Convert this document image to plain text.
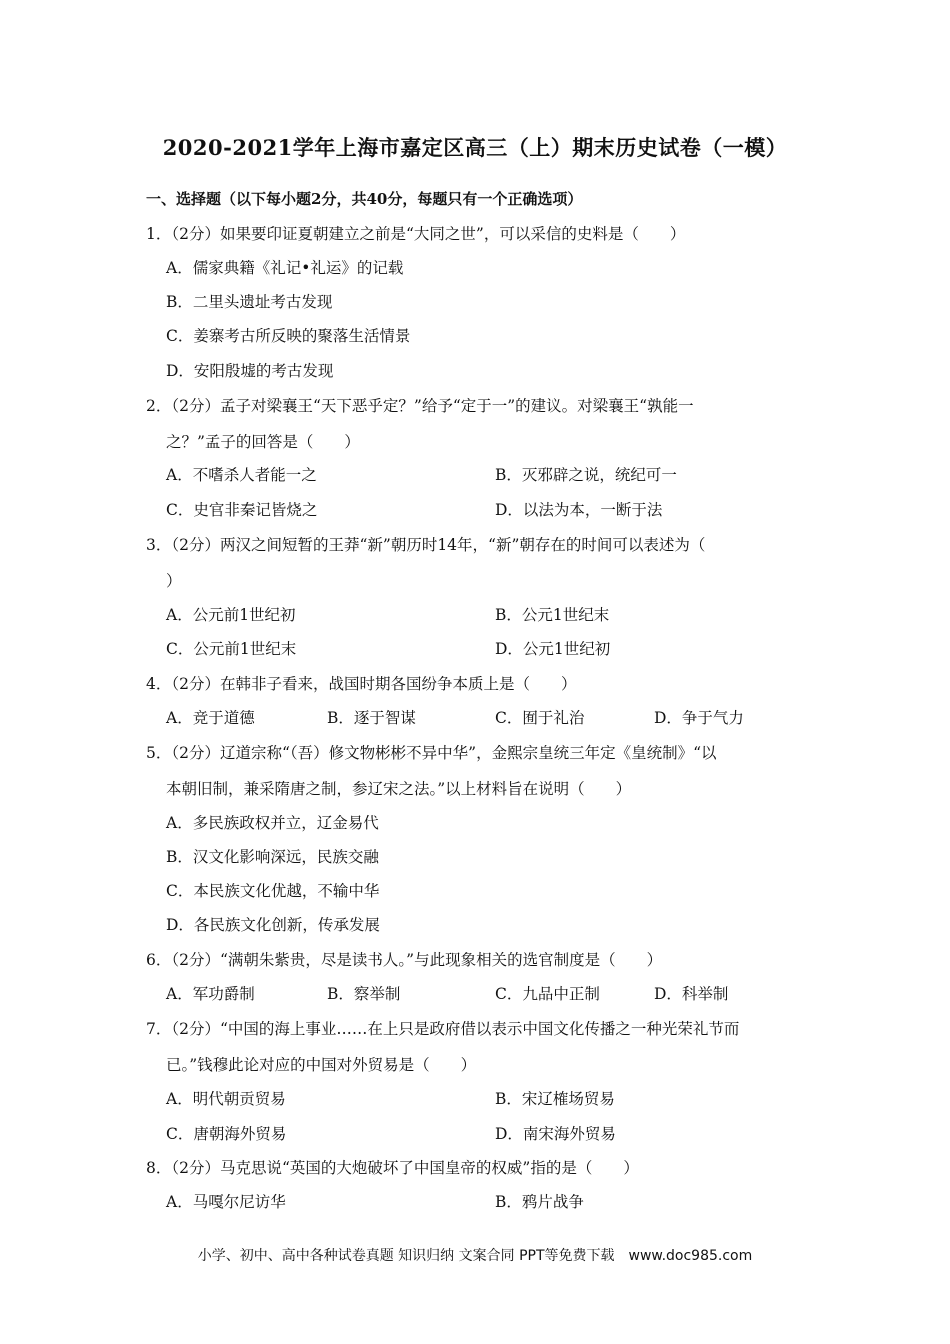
2020-2021学年上海市嘉定区高三（上）期末历史试卷（一模）
一、选择题（以下每小题2分，共40分，每题只有一个正确选项）
1．（2分）如果要印证夏朝建立之前是“大同之世”，可以采信的史料是（　　）
A．儒家典籍《礼记•礼运》的记载
B．二里头遗址考古发现
C．姜寨考古所反映的聚落生活情景
D．安阳殷墟的考古发现
2．（2分）孟子对梁襄王“天下恶乎定？”给予“定于一”的建议。对梁襄王“孰能一
之？”孟子的回答是（　　）
A．不嗜杀人者能一之	B．灭邪辟之说，统纪可一
C．史官非秦记皆烧之	D．以法为本，一断于法
3．（2分）两汉之间短暂的王莽“新”朝历时14年，“新”朝存在的时间可以表述为（
）
A．公元前1世纪初	B．公元1世纪末
C．公元前1世纪末	D．公元1世纪初
4．（2分）在韩非子看来，战国时期各国纷争本质上是（　　）
A．竞于道德	B．逐于智谋	C．囿于礼治	D．争于气力
5．（2分）辽道宗称“（吾）修文物彬彬不异中华”，金熙宗皇统三年定《皇统制》“以
本朝旧制，兼采隋唐之制，参辽宋之法。”以上材料旨在说明（　　）
A．多民族政权并立，辽金易代
B．汉文化影响深远，民族交融
C．本民族文化优越，不输中华
D．各民族文化创新，传承发展
6．（2分）“满朝朱紫贵，尽是读书人。”与此现象相关的选官制度是（　　）
A．军功爵制	B．察举制	C．九品中正制	D．科举制
7．（2分）“中国的海上事业……在上只是政府借以表示中国文化传播之一种光荣礼节而
已。”钱穆此论对应的中国对外贸易是（　　）
A．明代朝贡贸易	B．宋辽榷场贸易
C．唐朝海外贸易	D．南宋海外贸易
8．（2分）马克思说“英国的大炮破坏了中国皇帝的权威”指的是（　　）
A．马嘎尔尼访华	B．鸦片战争
小学、初中、高中各种试卷真题 知识归纳 文案合同 PPT等免费下载　www.doc985.com
